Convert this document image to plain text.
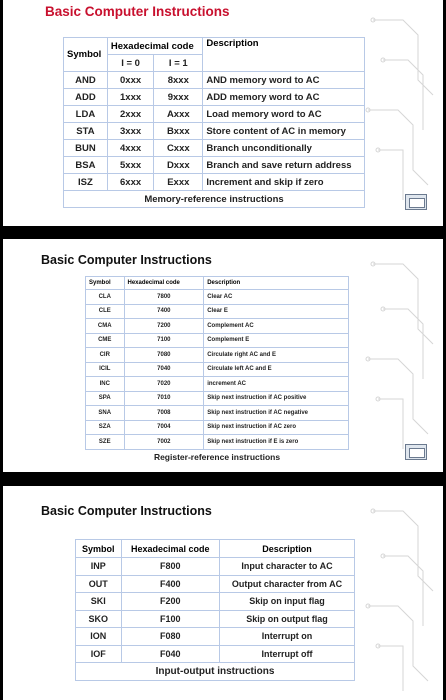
Basic Computer Instructions
Symbol	Hexadecimal code		Description
	I = 0	I = 1	
AND	0xxx	8xxx	AND memory word to AC
ADD	1xxx	9xxx	ADD memory word to AC
LDA	2xxx	Axxx	Load memory word to AC
STA	3xxx	Bxxx	Store content of AC in memory
BUN	4xxx	Cxxx	Branch unconditionally
BSA	5xxx	Dxxx	Branch and save return address
ISZ	6xxx	Exxx	Increment and skip if zero
Memory-reference instructions			
Basic Computer Instructions
Symbol	Hexadecimal code	Description
CLA	7800	Clear AC
CLE	7400	Clear E
CMA	7200	Complement AC
CME	7100	Complement E
CIR	7080	Circulate right AC and E
ICIL	7040	Circulate left AC and E
INC	7020	increment AC
SPA	7010	Skip next instruction if AC positive
SNA	7008	Skip next instruction if AC negative
SZA	7004	Skip next instruction if AC zero
SZE	7002	Skip next instruction if E is zero
Register-reference instructions		
Basic Computer Instructions
Symbol	Hexadecimal code	Description
INP	F800	Input character to AC
OUT	F400	Output character from AC
SKI	F200	Skip on input flag
SKO	F100	Skip on output flag
ION	F080	Interrupt on
IOF	F040	Interrupt off
Input-output instructions		
